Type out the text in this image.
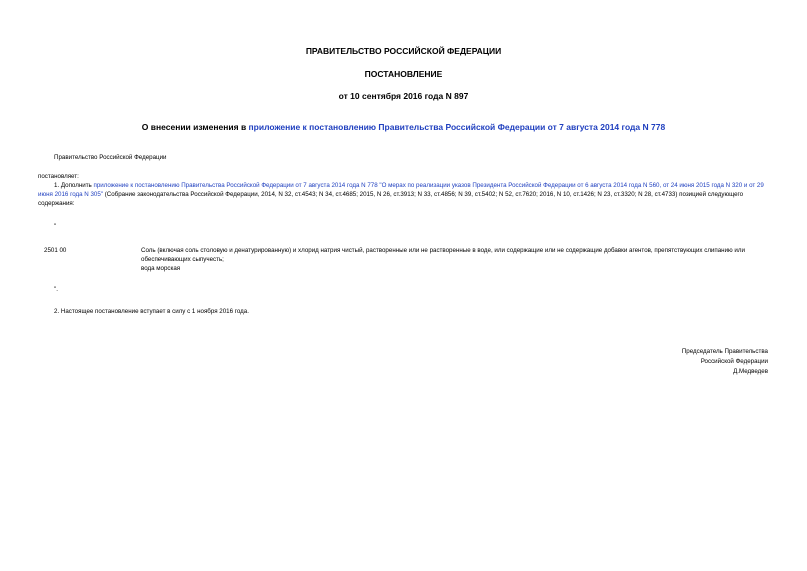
ПРАВИТЕЛЬСТВО РОССИЙСКОЙ ФЕДЕРАЦИИ
ПОСТАНОВЛЕНИЕ
от 10 сентября 2016 года N 897
О внесении изменения в приложение к постановлению Правительства Российской Федерации от 7 августа 2014 года N 778
Правительство Российской Федерации
постановляет:
1. Дополнить приложение к постановлению Правительства Российской Федерации от 7 августа 2014 года N 778 "О мерах по реализации указов Президента Российской Федерации от 6 августа 2014 года N 560, от 24 июня 2015 года N 320 и от 29 июня 2016 года N 305" (Собрание законодательства Российской Федерации, 2014, N 32, ст.4543; N 34, ст.4685; 2015, N 26, ст.3913; N 33, ст.4856; N 39, ст.5402; N 52, ст.7620; 2016, N 10, ст.1426; N 23, ст.3320; N 28, ст.4733) позицией следующего содержания:
"
2501 00	Соль (включая соль столовую и денатурированную) и хлорид натрия чистый, растворенные или не растворенные в воде, или содержащие или не содержащие добавки агентов, препятствующих слипанию или обеспечивающих сыпучесть;
вода морская
".
2. Настоящее постановление вступает в силу с 1 ноября 2016 года.
Председатель Правительства
Российской Федерации
Д.Медведев
